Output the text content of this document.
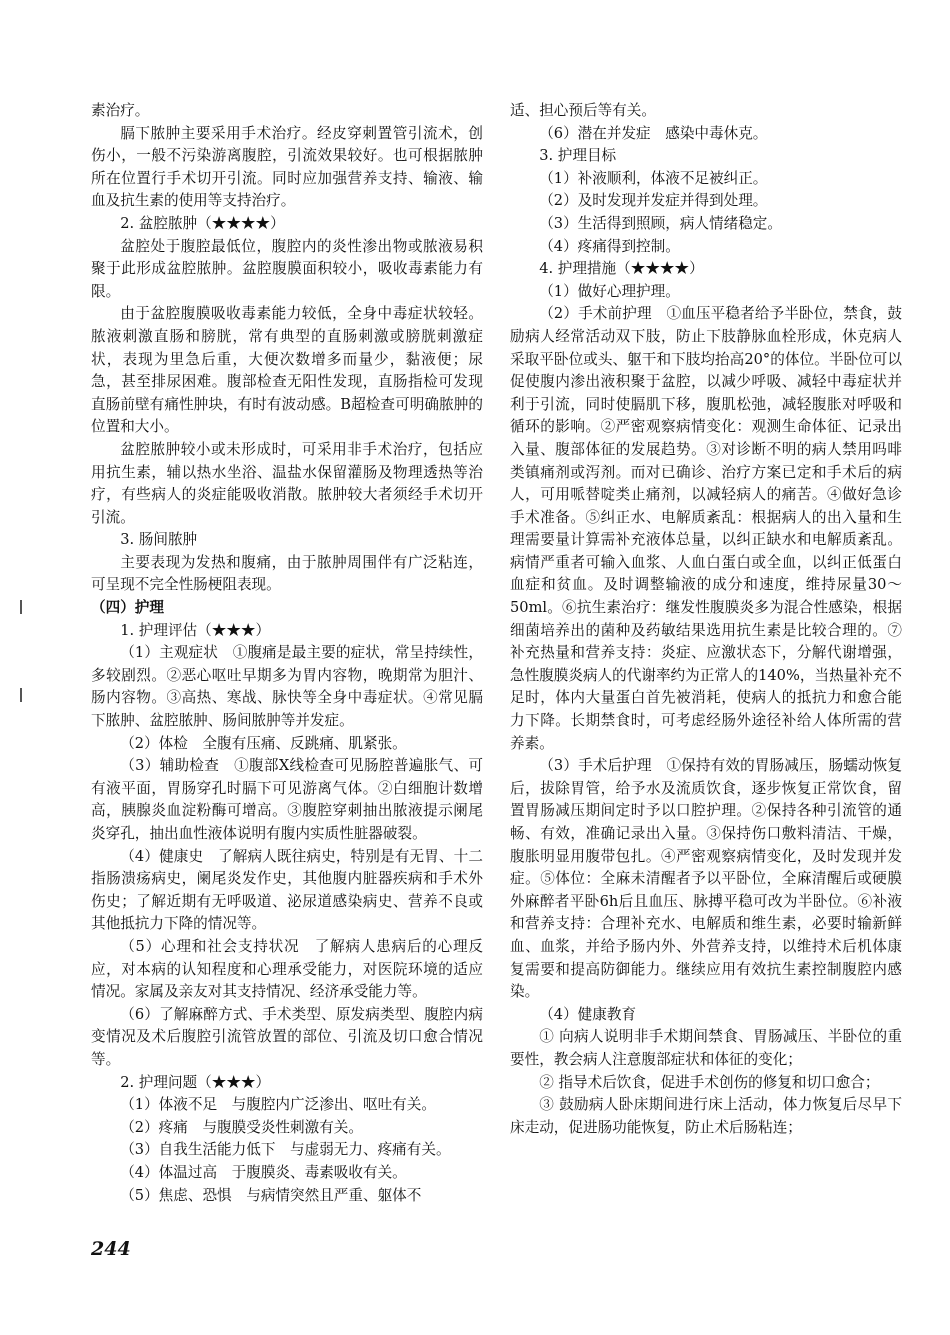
素治疗。
膈下脓肿主要采用手术治疗。经皮穿刺置管引流术，创伤小，一般不污染游离腹腔，引流效果较好。也可根据脓肿所在位置行手术切开引流。同时应加强营养支持、输液、输血及抗生素的使用等支持治疗。
2. 盆腔脓肿（★★★★）
盆腔处于腹腔最低位，腹腔内的炎性渗出物或脓液易积聚于此形成盆腔脓肿。盆腔腹膜面积较小，吸收毒素能力有限。
由于盆腔腹膜吸收毒素能力较低，全身中毒症状较轻。脓液刺激直肠和膀胱，常有典型的直肠刺激或膀胱刺激症状，表现为里急后重，大便次数增多而量少，黏液便；尿急，甚至排尿困难。腹部检查无阳性发现，直肠指检可发现直肠前壁有痛性肿块，有时有波动感。B超检查可明确脓肿的位置和大小。
盆腔脓肿较小或未形成时，可采用非手术治疗，包括应用抗生素，辅以热水坐浴、温盐水保留灌肠及物理透热等治疗，有些病人的炎症能吸收消散。脓肿较大者须经手术切开引流。
3. 肠间脓肿
主要表现为发热和腹痛，由于脓肿周围伴有广泛粘连，可呈现不完全性肠梗阻表现。
（四）护理
1. 护理评估（★★★）
（1）主观症状　①腹痛是最主要的症状，常呈持续性，多较剧烈。②恶心呕吐早期多为胃内容物，晚期常为胆汁、肠内容物。③高热、寒战、脉快等全身中毒症状。④常见膈下脓肿、盆腔脓肿、肠间脓肿等并发症。
（2）体检　全腹有压痛、反跳痛、肌紧张。
（3）辅助检查　①腹部X线检查可见肠腔普遍胀气、可有液平面，胃肠穿孔时膈下可见游离气体。②白细胞计数增高，胰腺炎血淀粉酶可增高。③腹腔穿刺抽出脓液提示阑尾炎穿孔，抽出血性液体说明有腹内实质性脏器破裂。
（4）健康史　了解病人既往病史，特别是有无胃、十二指肠溃疡病史，阑尾炎发作史，其他腹内脏器疾病和手术外伤史；了解近期有无呼吸道、泌尿道感染病史、营养不良或其他抵抗力下降的情况等。
（5）心理和社会支持状况　了解病人患病后的心理反应，对本病的认知程度和心理承受能力，对医院环境的适应情况。家属及亲友对其支持情况、经济承受能力等。
（6）了解麻醉方式、手术类型、原发病类型、腹腔内病变情况及术后腹腔引流管放置的部位、引流及切口愈合情况等。
2. 护理问题（★★★）
（1）体液不足　与腹腔内广泛渗出、呕吐有关。
（2）疼痛　与腹膜受炎性刺激有关。
（3）自我生活能力低下　与虚弱无力、疼痛有关。
（4）体温过高　于腹膜炎、毒素吸收有关。
（5）焦虑、恐惧　与病情突然且严重、躯体不
适、担心预后等有关。
（6）潜在并发症　感染中毒休克。
3. 护理目标
（1）补液顺利，体液不足被纠正。
（2）及时发现并发症并得到处理。
（3）生活得到照顾，病人情绪稳定。
（4）疼痛得到控制。
4. 护理措施（★★★★）
（1）做好心理护理。
（2）手术前护理　①血压平稳者给予半卧位，禁食，鼓励病人经常活动双下肢，防止下肢静脉血栓形成，休克病人采取平卧位或头、躯干和下肢均抬高20°的体位。半卧位可以促使腹内渗出液积聚于盆腔，以减少呼吸、减轻中毒症状并利于引流，同时使膈肌下移，腹肌松弛，减轻腹胀对呼吸和循环的影响。②严密观察病情变化：观测生命体征、记录出入量、腹部体征的发展趋势。③对诊断不明的病人禁用吗啡类镇痛剂或泻剂。而对已确诊、治疗方案已定和手术后的病人，可用哌替啶类止痛剂，以减轻病人的痛苦。④做好急诊手术准备。⑤纠正水、电解质紊乱：根据病人的出入量和生理需要量计算需补充液体总量，以纠正缺水和电解质紊乱。病情严重者可输入血浆、人血白蛋白或全血，以纠正低蛋白血症和贫血。及时调整输液的成分和速度，维持尿量30～50ml。⑥抗生素治疗：继发性腹膜炎多为混合性感染，根据细菌培养出的菌种及药敏结果选用抗生素是比较合理的。⑦补充热量和营养支持：炎症、应激状态下，分解代谢增强，急性腹膜炎病人的代谢率约为正常人的140%，当热量补充不足时，体内大量蛋白首先被消耗，使病人的抵抗力和愈合能力下降。长期禁食时，可考虑经肠外途径补给人体所需的营养素。
（3）手术后护理　①保持有效的胃肠减压，肠蠕动恢复后，拔除胃管，给予水及流质饮食，逐步恢复正常饮食，留置胃肠减压期间定时予以口腔护理。②保持各种引流管的通畅、有效，准确记录出入量。③保持伤口敷料清洁、干燥，腹胀明显用腹带包扎。④严密观察病情变化，及时发现并发症。⑤体位：全麻未清醒者予以平卧位，全麻清醒后或硬膜外麻醉者平卧6h后且血压、脉搏平稳可改为半卧位。⑥补液和营养支持：合理补充水、电解质和维生素，必要时输新鲜血、血浆，并给予肠内外、外营养支持，以维持术后机体康复需要和提高防御能力。继续应用有效抗生素控制腹腔内感染。
（4）健康教育
① 向病人说明非手术期间禁食、胃肠减压、半卧位的重要性，教会病人注意腹部症状和体征的变化；
② 指导术后饮食，促进手术创伤的修复和切口愈合；
③ 鼓励病人卧床期间进行床上活动，体力恢复后尽早下床走动，促进肠功能恢复，防止术后肠粘连；
244
